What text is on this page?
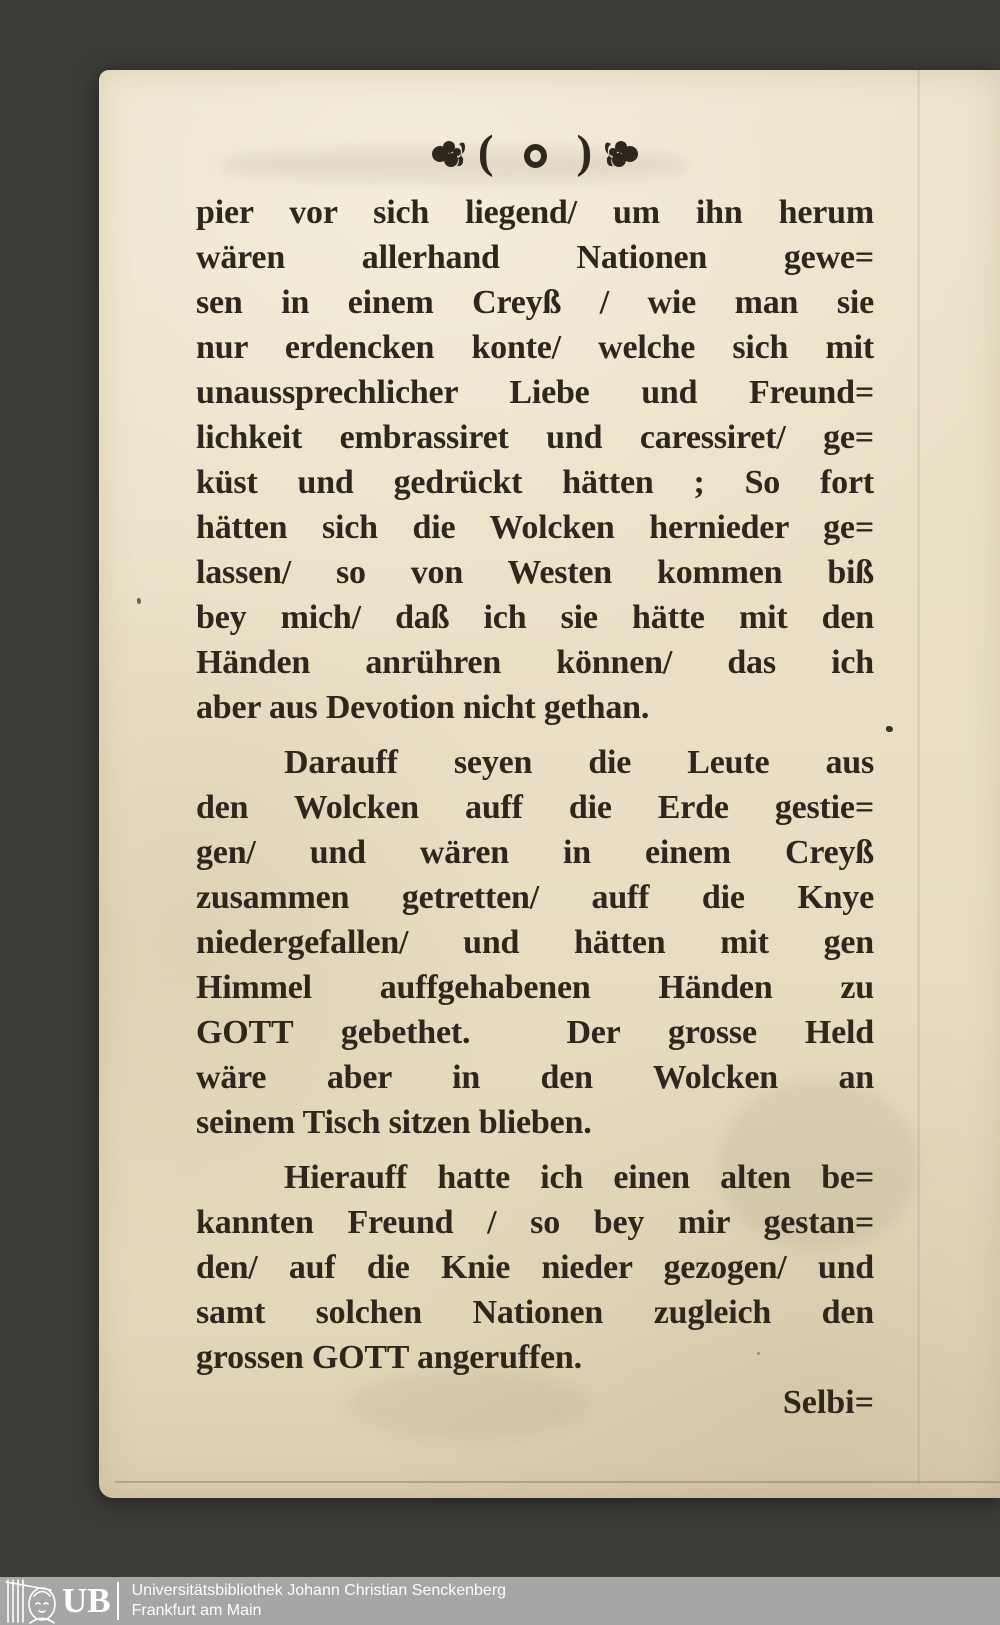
( )
pier vor sich liegend/ um ihn herum
wären allerhand Nationen gewe=
sen in einem Creyß / wie man sie
nur erdencken konte/ welche sich mit
unaussprechlicher Liebe und Freund=
lichkeit embrassiret und caressiret/ ge=
küst und gedrückt hätten ; So fort
hätten sich die Wolcken hernieder ge=
lassen/ so von Westen kommen biß
bey mich/ daß ich sie hätte mit den
Händen anrühren können/ das ich
aber aus Devotion nicht gethan.
Darauff seyen die Leute aus
den Wolcken auff die Erde gestie=
gen/ und wären in einem Creyß
zusammen getretten/ auff die Knye
niedergefallen/ und hätten mit gen
Himmel auffgehabenen Händen zu
GOTT gebethet.  Der grosse Held
wäre aber in den Wolcken an
seinem Tisch sitzen blieben.
Hierauff hatte ich einen alten be=
kannten Freund / so bey mir gestan=
den/ auf die Knie nieder gezogen/ und
samt solchen Nationen zugleich den
grossen GOTT angeruffen.
Selbi=
UB Universitätsbibliothek Johann Christian Senckenberg
Frankfurt am Main
